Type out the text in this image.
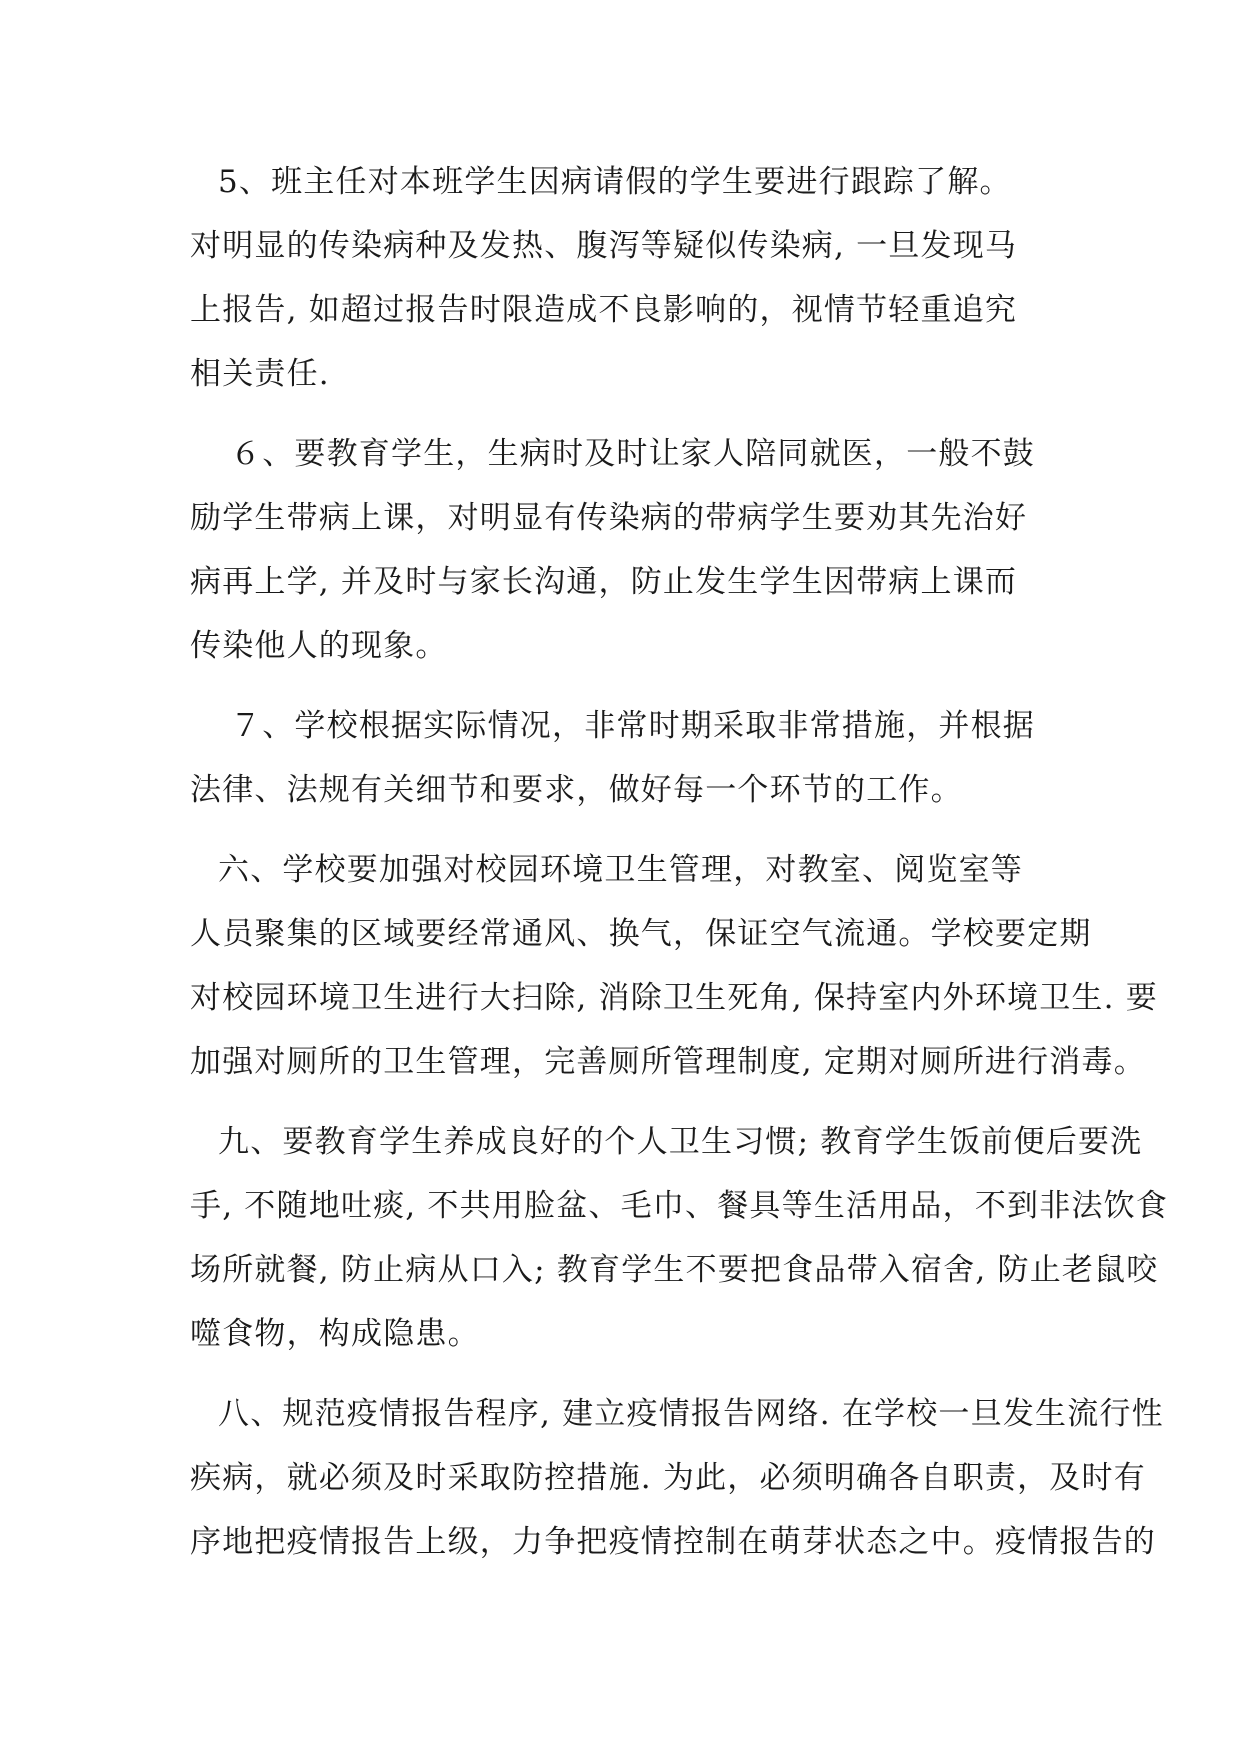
5、班主任对本班学生因病请假的学生要进行跟踪了解。
对明显的传染病种及发热、腹泻等疑似传染病, 一旦发现马
上报告, 如超过报告时限造成不良影响的，视情节轻重追究
相关责任.
６、要教育学生，生病时及时让家人陪同就医，一般不鼓
励学生带病上课，对明显有传染病的带病学生要劝其先治好
病再上学, 并及时与家长沟通，防止发生学生因带病上课而
传染他人的现象。
７、学校根据实际情况，非常时期采取非常措施，并根据
法律、法规有关细节和要求，做好每一个环节的工作。
六、学校要加强对校园环境卫生管理，对教室、阅览室等
人员聚集的区域要经常通风、换气，保证空气流通。学校要定期
对校园环境卫生进行大扫除, 消除卫生死角, 保持室内外环境卫生. 要
加强对厕所的卫生管理，完善厕所管理制度, 定期对厕所进行消毒。
九、要教育学生养成良好的个人卫生习惯; 教育学生饭前便后要洗
手, 不随地吐痰, 不共用脸盆、毛巾、餐具等生活用品，不到非法饮食
场所就餐, 防止病从口入; 教育学生不要把食品带入宿舍, 防止老鼠咬
噬食物，构成隐患。
八、规范疫情报告程序, 建立疫情报告网络. 在学校一旦发生流行性
疾病，就必须及时采取防控措施. 为此，必须明确各自职责，及时有
序地把疫情报告上级，力争把疫情控制在萌芽状态之中。疫情报告的
